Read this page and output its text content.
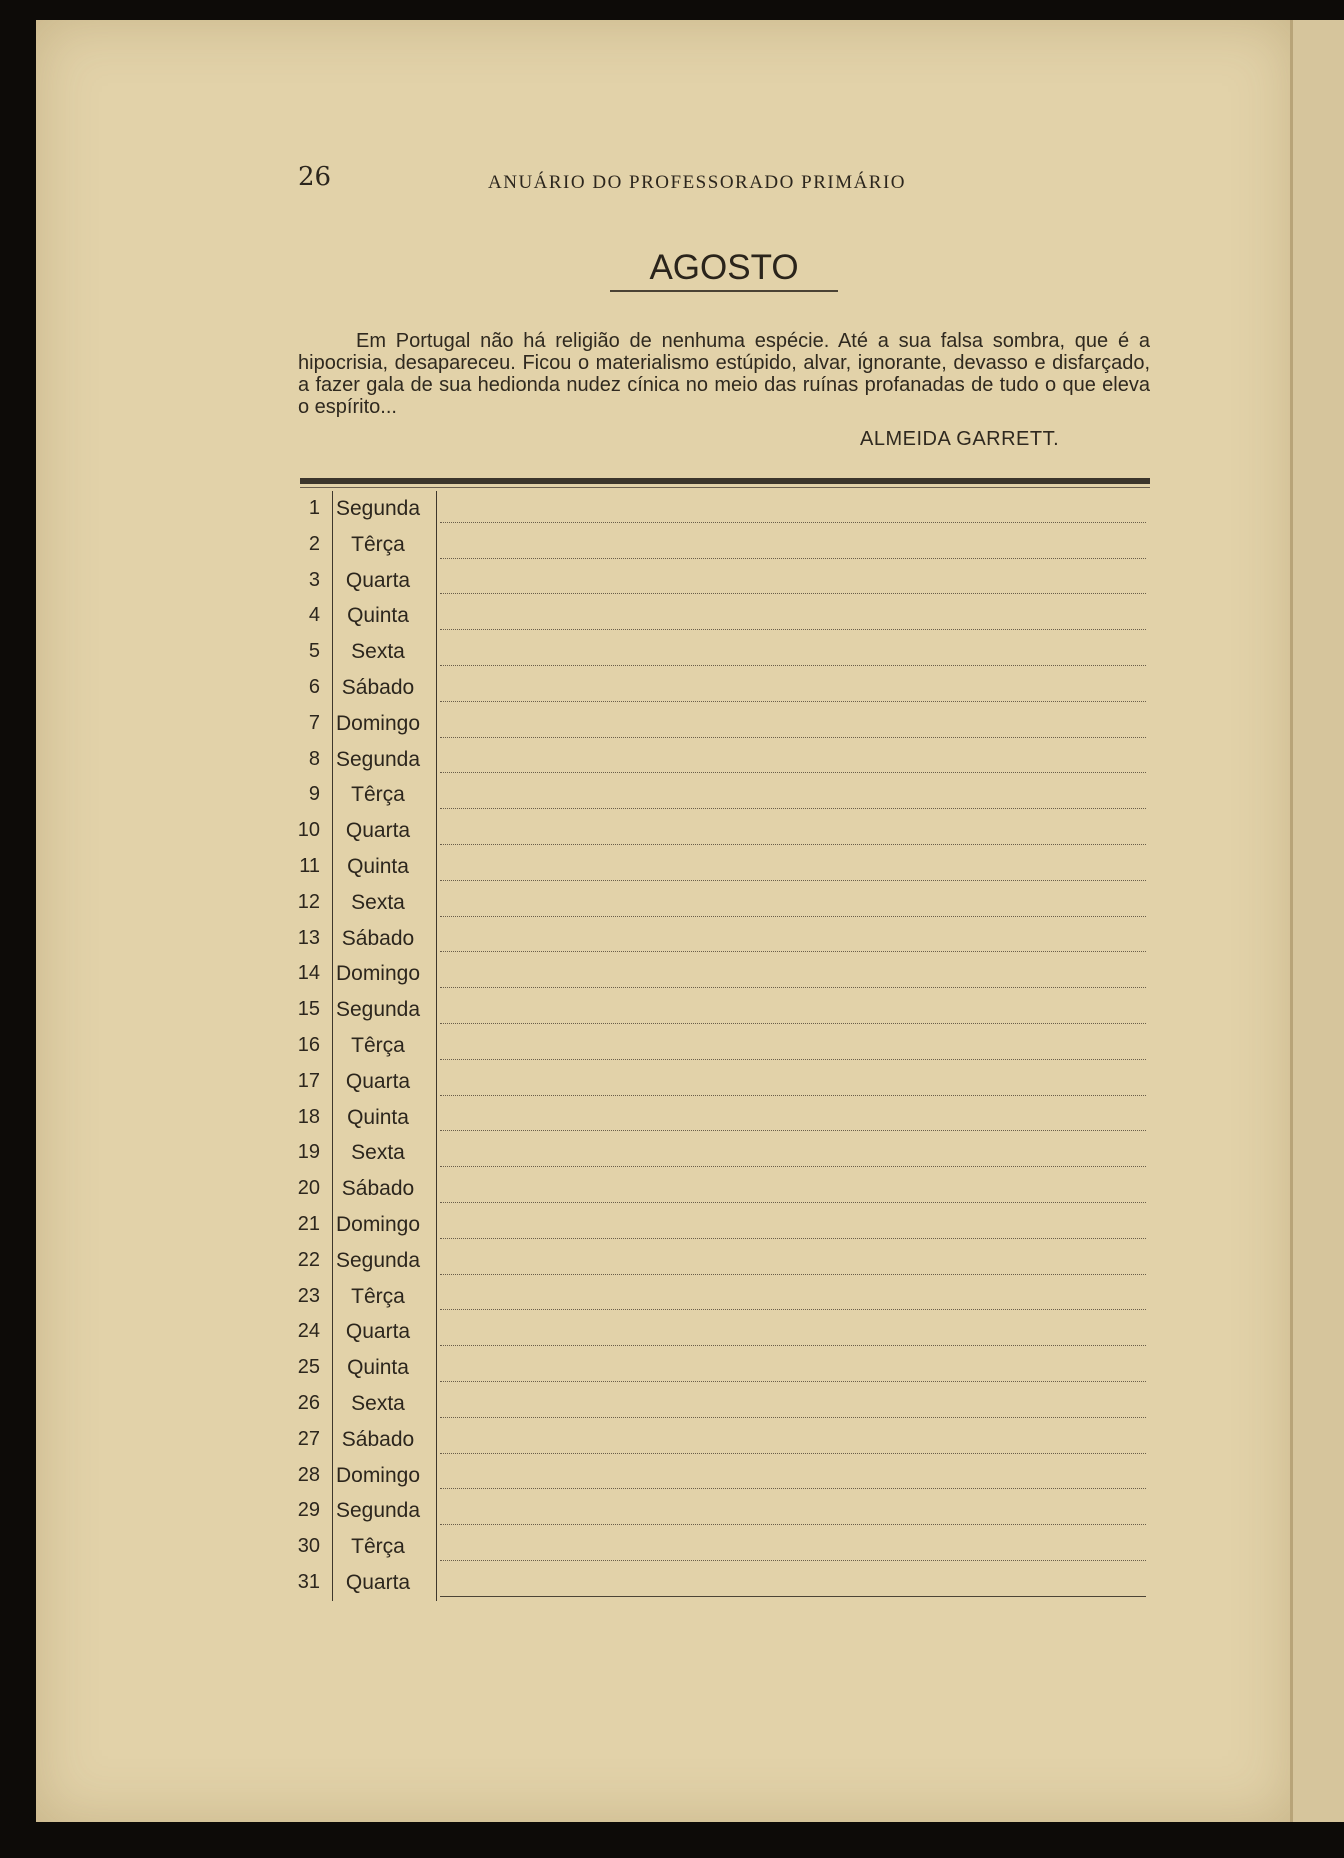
26	ANUÁRIO DO PROFESSORADO PRIMÁRIO
AGOSTO

Em Portugal não há religião de nenhuma espécie. Até a sua falsa sombra, que é a hipocrisia, desapareceu. Ficou o materialismo estúpido, alvar, ignorante, devasso e disfarçado, a fazer gala de sua hedionda nudez cínica no meio das ruínas profanadas de tudo o que eleva o espírito...

ALMEIDA GARRETT.
1 Segunda
2	Têrça
3	Quarta
4	Quinta
5	Sexta
6	Sábado
7 Domingo
8 Segunda
9	Têrça
10	Quarta
11	Quinta
12	Sexta
13	Sábado
14 Domingo
15 Segunda
16	Têrça
17	Quarta
18	Quinta
19	Sexta
20	Sábado
21 Domingo
22 Segunda
23	Têrça
24	Quarta
25	Quinta
26	Sexta
27	Sábado
28 Domingo
29 Segunda
30	Têrça
31	Quarta
